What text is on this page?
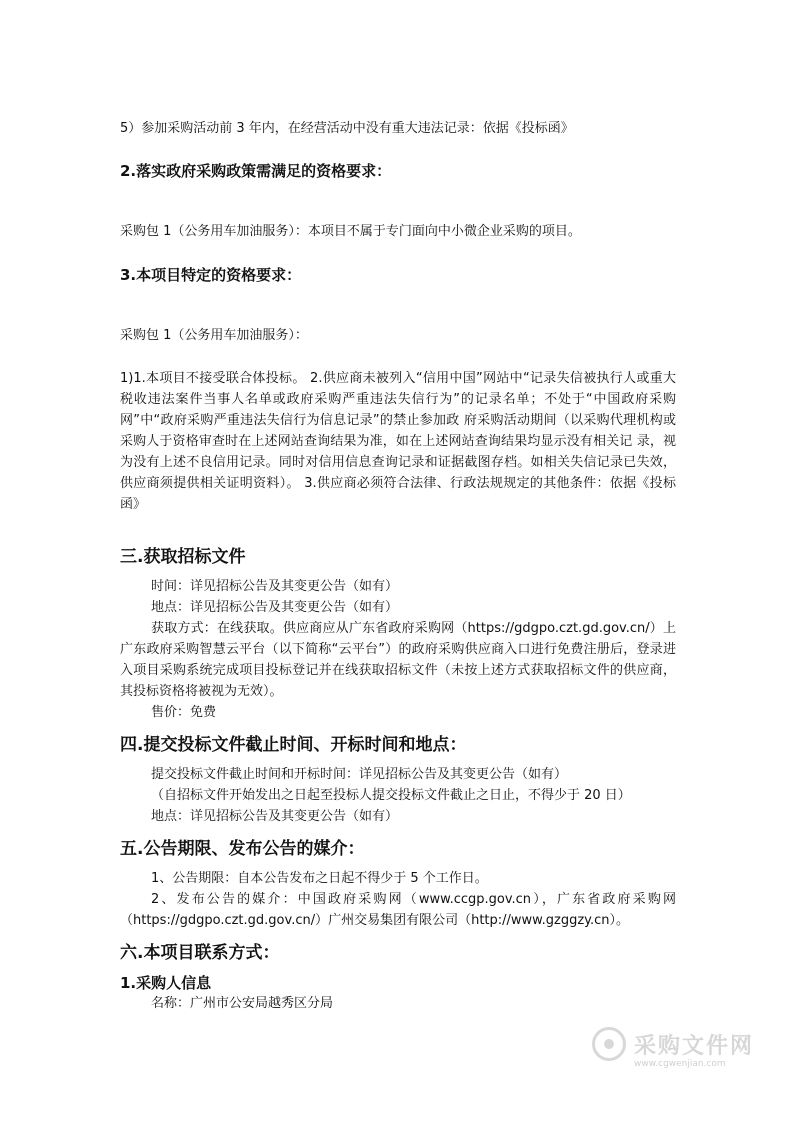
5）参加采购活动前 3 年内，在经营活动中没有重大违法记录：依据《投标函》

2.落实政府采购政策需满足的资格要求：

采购包 1（公务用车加油服务）：本项目不属于专门面向中小微企业采购的项目。

3.本项目特定的资格要求：

采购包 1（公务用车加油服务）：

1)1.本项目不接受联合体投标。 2.供应商未被列入“信用中国”网站中“记录失信被执行人或重大税收违法案件当事人名单或政府采购严重违法失信行为”的记录名单；不处于“中国政府采购网”中“政府采购严重违法失信行为信息记录”的禁止参加政 府采购活动期间（以采购代理机构或采购人于资格审查时在上述网站查询结果为准，如在上述网站查询结果均显示没有相关记 录，视为没有上述不良信用记录。同时对信用信息查询记录和证据截图存档。如相关失信记录已失效，供应商须提供相关证明资料）。 3.供应商必须符合法律、行政法规规定的其他条件：依据《投标函》

三.获取招标文件

时间：详见招标公告及其变更公告（如有）

地点：详见招标公告及其变更公告（如有）

获取方式：在线获取。供应商应从广东省政府采购网（https://gdgpo.czt.gd.gov.cn/）上广东政府采购智慧云平台（以下简称“云平台”）的政府采购供应商入口进行免费注册后，登录进入项目采购系统完成项目投标登记并在线获取招标文件（未按上述方式获取招标文件的供应商，其投标资格将被视为无效）。

售价：免费

四.提交投标文件截止时间、开标时间和地点：

提交投标文件截止时间和开标时间：详见招标公告及其变更公告（如有）

（自招标文件开始发出之日起至投标人提交投标文件截止之日止，不得少于 20 日）

地点：详见招标公告及其变更公告（如有）

五.公告期限、发布公告的媒介：

1、公告期限：自本公告发布之日起不得少于 5 个工作日。

2、发布公告的媒介：中国政府采购网（www.ccgp.gov.cn），广东省政府采购网（https://gdgpo.czt.gd.gov.cn/）广州交易集团有限公司（http://www.gzggzy.cn）。

六.本项目联系方式：

1.采购人信息

名称：广州市公安局越秀区分局

采购文件网
www.cgwenjian.com
